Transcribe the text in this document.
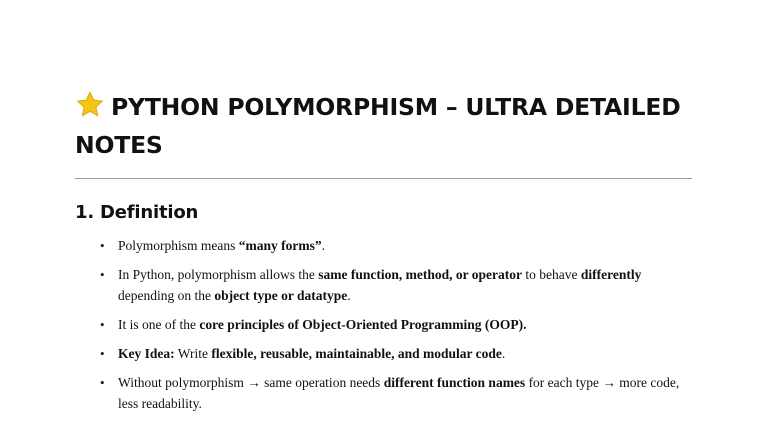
PYTHON POLYMORPHISM – ULTRA DETAILED NOTES
1. Definition
• Polymorphism means “many forms”.
• In Python, polymorphism allows the same function, method, or operator to behave differently depending on the object type or datatype.
• It is one of the core principles of Object-Oriented Programming (OOP).
• Key Idea: Write flexible, reusable, maintainable, and modular code.
• Without polymorphism → same operation needs different function names for each type → more code, less readability.
